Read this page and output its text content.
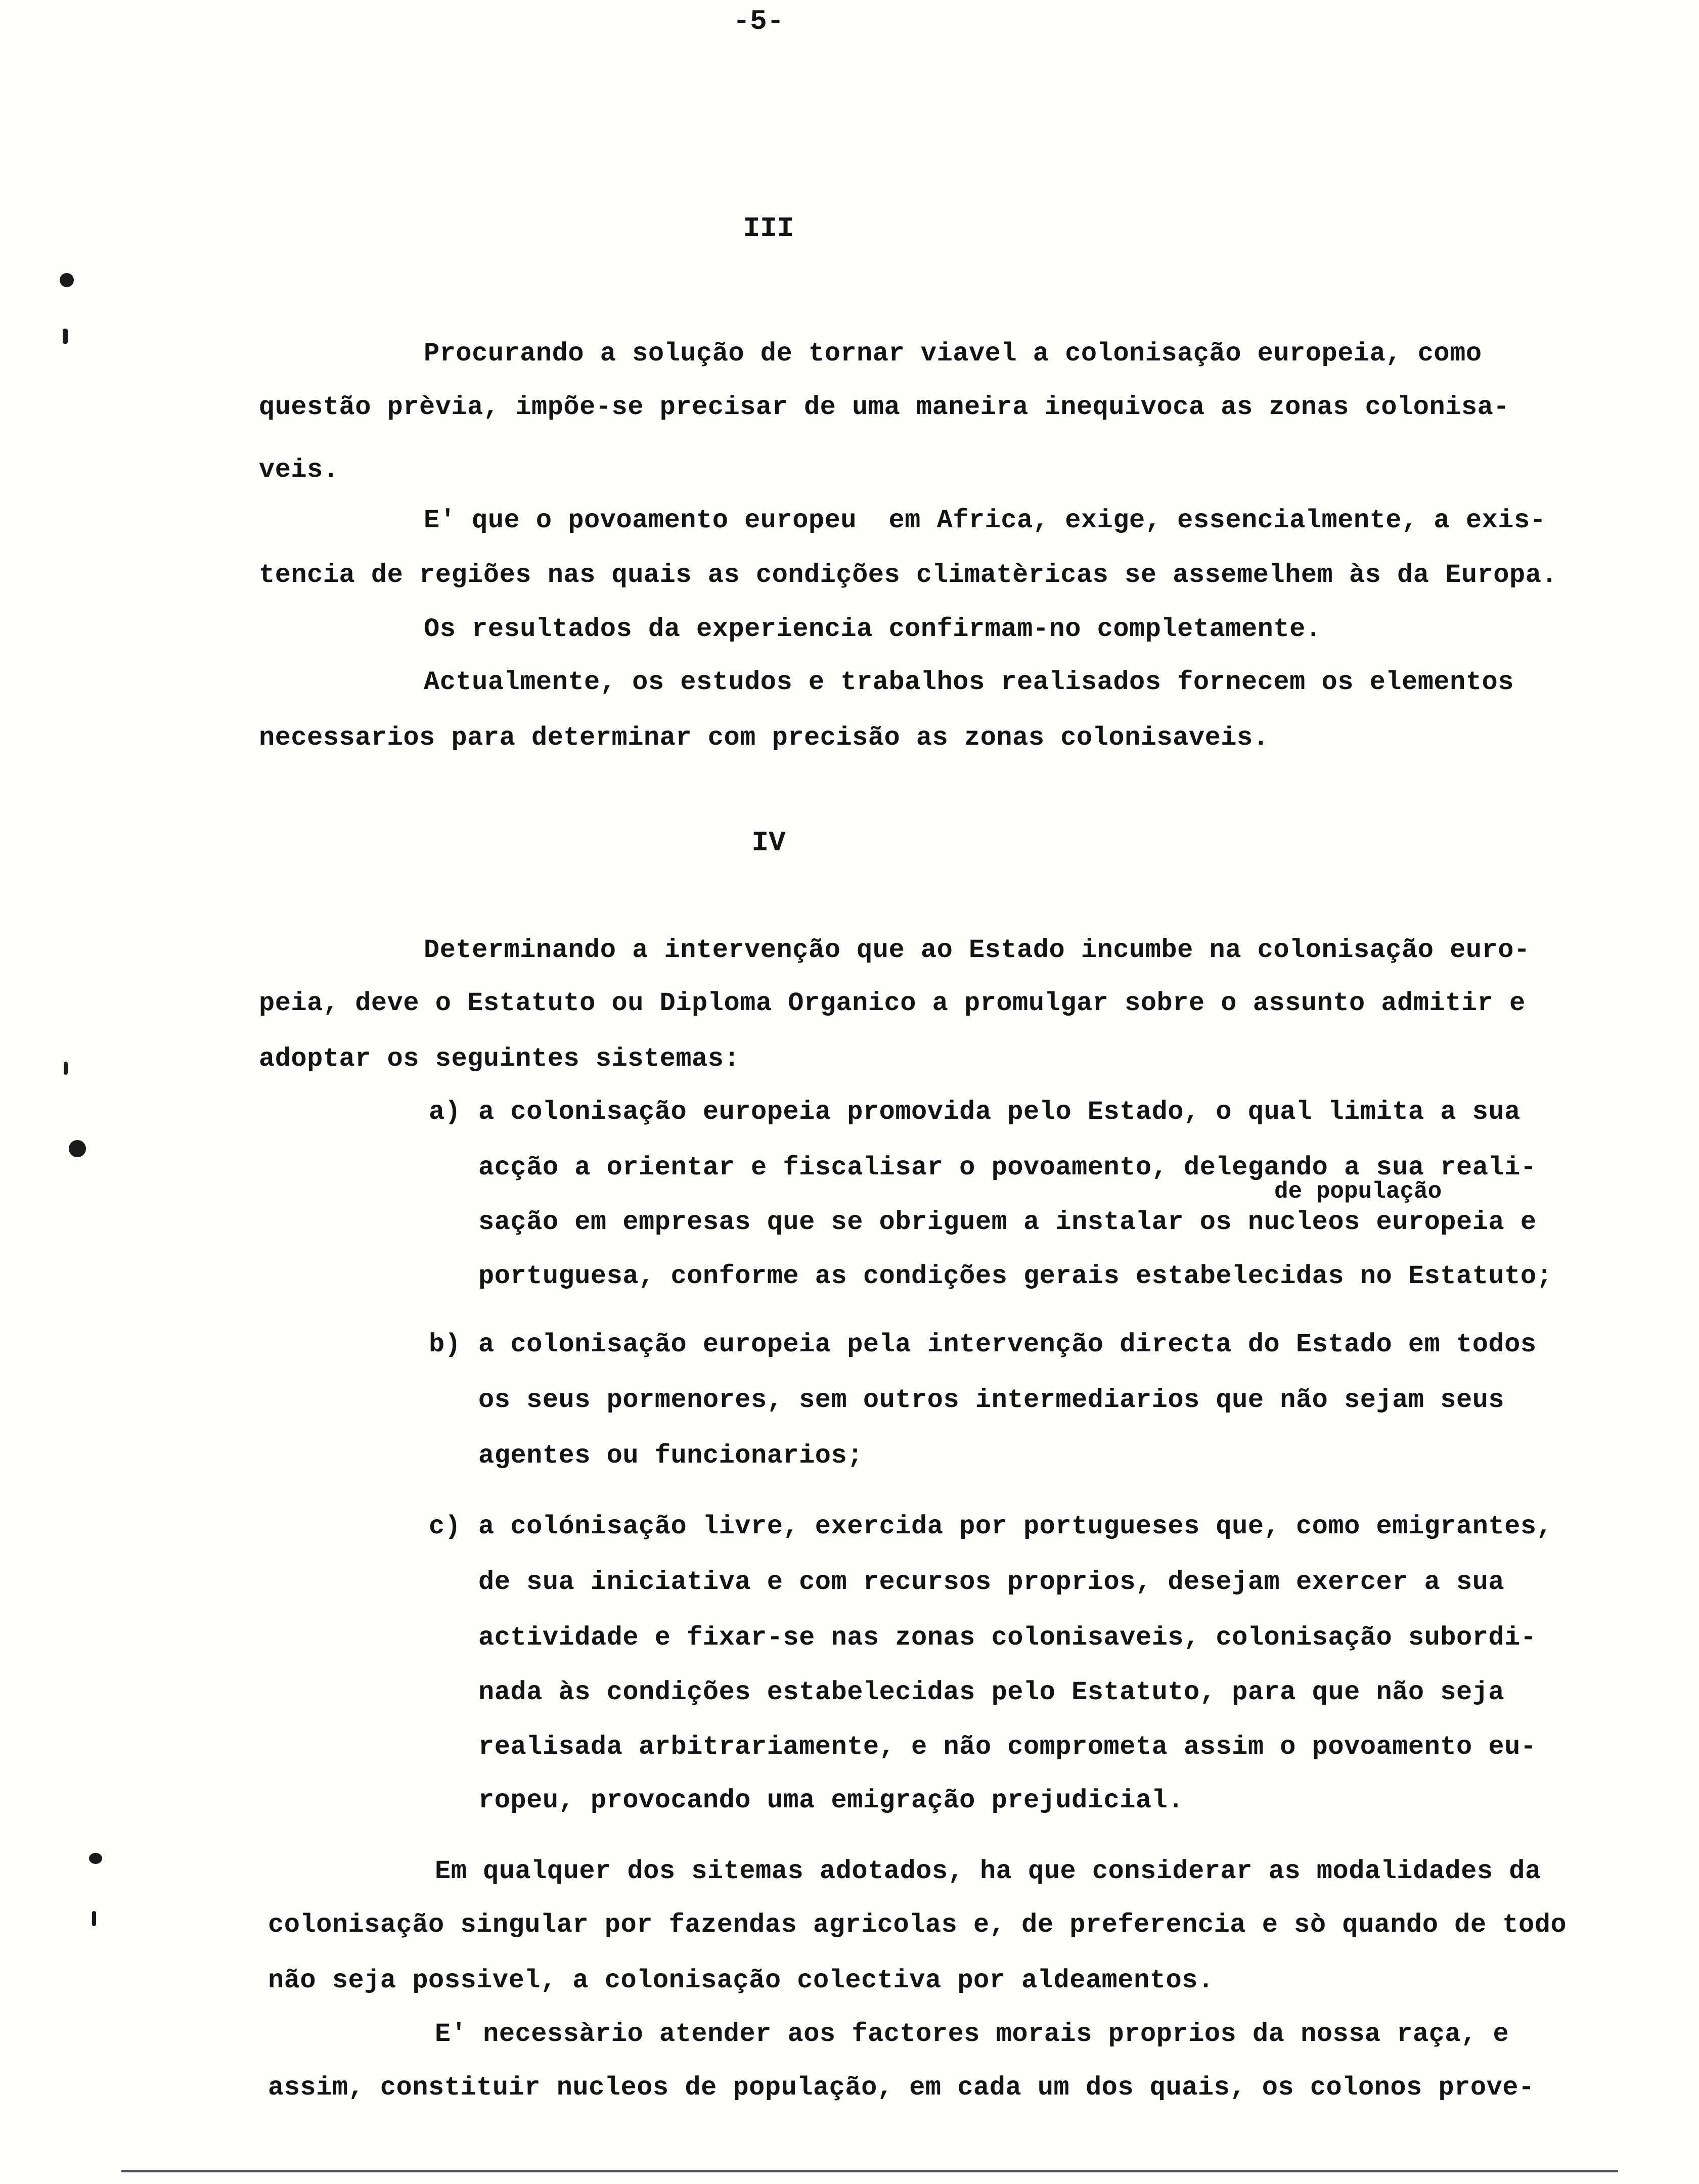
-5-
III
Procurando a solução de tornar viavel a colonisação europeia, como
questão prèvia, impõe-se precisar de uma maneira inequivoca as zonas colonisa-
veis.
E' que o povoamento europeu  em Africa, exige, essencialmente, a exis-
tencia de regiões nas quais as condições climatèricas se assemelhem às da Europa.
Os resultados da experiencia confirmam-no completamente.
Actualmente, os estudos e trabalhos realisados fornecem os elementos
necessarios para determinar com precisão as zonas colonisaveis.
IV
Determinando a intervenção que ao Estado incumbe na colonisação euro-
peia, deve o Estatuto ou Diploma Organico a promulgar sobre o assunto admitir e
adoptar os seguintes sistemas:
a) a colonisação europeia promovida pelo Estado, o qual limita a sua
acção a orientar e fiscalisar o povoamento, delegando a sua reali-
de população
sação em empresas que se obriguem a instalar os nucleos europeia e
portuguesa, conforme as condições gerais estabelecidas no Estatuto;
b) a colonisação europeia pela intervenção directa do Estado em todos
os seus pormenores, sem outros intermediarios que não sejam seus
agentes ou funcionarios;
c) a colónisação livre, exercida por portugueses que, como emigrantes,
de sua iniciativa e com recursos proprios, desejam exercer a sua
actividade e fixar-se nas zonas colonisaveis, colonisação subordi-
nada às condições estabelecidas pelo Estatuto, para que não seja
realisada arbitrariamente, e não comprometa assim o povoamento eu-
ropeu, provocando uma emigração prejudicial.
Em qualquer dos sitemas adotados, ha que considerar as modalidades da
colonisação singular por fazendas agricolas e, de preferencia e sò quando de todo
não seja possivel, a colonisação colectiva por aldeamentos.
E' necessàrio atender aos factores morais proprios da nossa raça, e
assim, constituir nucleos de população, em cada um dos quais, os colonos prove-
